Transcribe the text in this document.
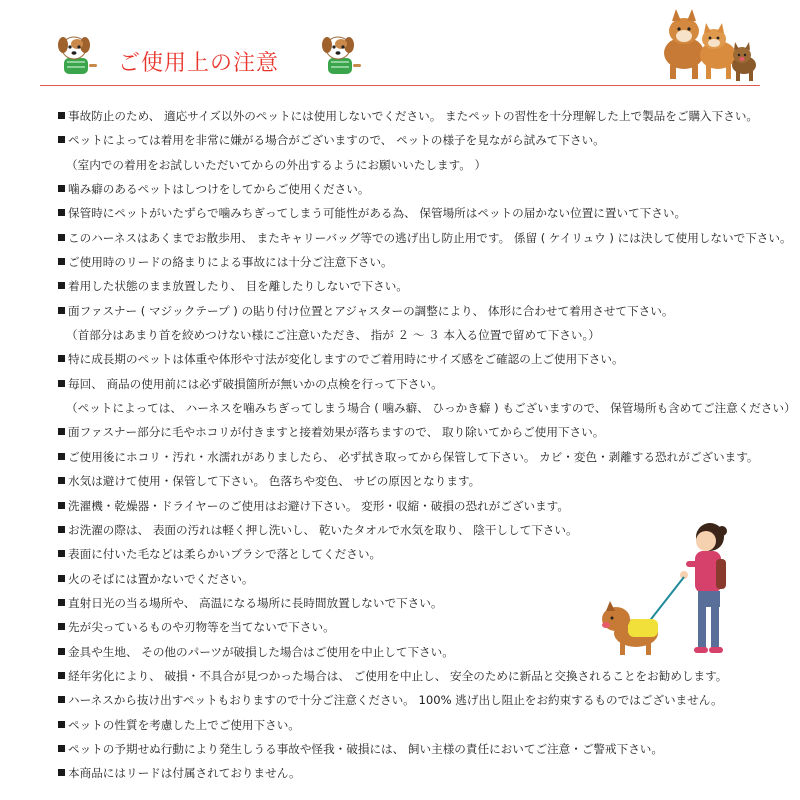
ご使用上の注意
事故防止のため、 適応サイズ以外のペットには使用しないでください。 またペットの習性を十分理解した上で製品をご購入下さい。
ペットによっては着用を非常に嫌がる場合がございますので、 ペットの様子を見ながら試みて下さい。
（室内での着用をお試しいただいてからの外出するようにお願いいたします。 ）
噛み癖のあるペットはしつけをしてからご使用ください。
保管時にペットがいたずらで噛みちぎってしまう可能性がある為、 保管場所はペットの届かない位置に置いて下さい。
このハーネスはあくまでお散歩用、 またキャリーバッグ等での逃げ出し防止用です。 係留 ( ケイリュウ ) には決して使用しないで下さい。
ご使用時のリードの絡まりによる事故には十分ご注意下さい。
着用した状態のまま放置したり、 目を離したりしないで下さい。
面ファスナー ( マジックテープ ) の貼り付け位置とアジャスターの調整により、 体形に合わせて着用させて下さい。
（首部分はあまり首を絞めつけない様にご注意いただき、 指が ２ ～ ３ 本入る位置で留めて下さい。）
特に成長期のペットは体重や体形や寸法が変化しますのでご着用時にサイズ感をご確認の上ご使用下さい。
毎回、 商品の使用前には必ず破損箇所が無いかの点検を行って下さい。
（ペットによっては、 ハーネスを噛みちぎってしまう場合 ( 噛み癖、 ひっかき癖 ) もございますので、 保管場所も含めてご注意ください）
面ファスナー部分に毛やホコリが付きますと接着効果が落ちますので、 取り除いてからご使用下さい。
ご使用後にホコリ・汚れ・水濡れがありましたら、 必ず拭き取ってから保管して下さい。 カビ・変色・剥離する恐れがございます。
水気は避けて使用・保管して下さい。 色落ちや変色、 サビの原因となります。
洗濯機・乾燥器・ドライヤーのご使用はお避け下さい。 変形・収縮・破損の恐れがございます。
お洗濯の際は、 表面の汚れは軽く押し洗いし、 乾いたタオルで水気を取り、 陰干しして下さい。
表面に付いた毛などは柔らかいブラシで落としてください。
火のそばには置かないでください。
直射日光の当る場所や、 高温になる場所に長時間放置しないで下さい。
先が尖っているものや刃物等を当てないで下さい。
金具や生地、 その他のパーツが破損した場合はご使用を中止して下さい。
経年劣化により、 破損・不具合が見つかった場合は、 ご使用を中止し、 安全のために新品と交換されることをお勧めします。
ハーネスから抜け出すペットもおりますので十分ご注意ください。 100% 逃げ出し阻止をお約束するものではございません。
ペットの性質を考慮した上でご使用下さい。
ペットの予期せぬ行動により発生しうる事故や怪我・破損には、 飼い主様の責任においてご注意・ご警戒下さい。
本商品にはリードは付属されておりません。
